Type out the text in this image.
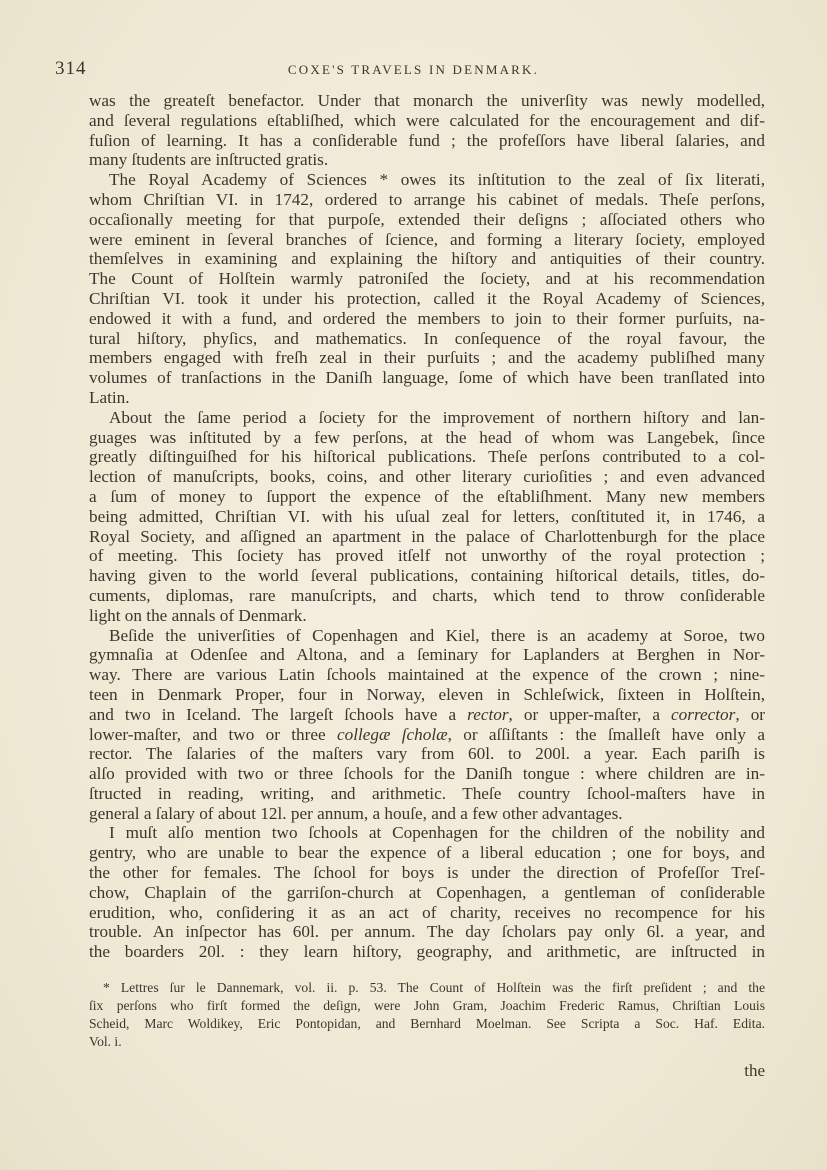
314	COXE'S TRAVELS IN DENMARK.
was the greateſt benefactor. Under that monarch the univerſity was newly modelled,
and ſeveral regulations eſtabliſhed, which were calculated for the encouragement and dif-
fuſion of learning. It has a conſiderable fund ; the profeſſors have liberal ſalaries, and
many ſtudents are inſtructed gratis.
The Royal Academy of Sciences * owes its inſtitution to the zeal of ſix literati,
whom Chriſtian VI. in 1742, ordered to arrange his cabinet of medals. Theſe perſons,
occaſionally meeting for that purpoſe, extended their deſigns ; aſſociated others who
were eminent in ſeveral branches of ſcience, and forming a literary ſociety, employed
themſelves in examining and explaining the hiſtory and antiquities of their country.
The Count of Holſtein warmly patroniſed the ſociety, and at his recommendation
Chriſtian VI. took it under his protection, called it the Royal Academy of Sciences,
endowed it with a fund, and ordered the members to join to their former purſuits, na-
tural hiſtory, phyſics, and mathematics. In conſequence of the royal favour, the
members engaged with freſh zeal in their purſuits ; and the academy publiſhed many
volumes of tranſactions in the Daniſh language, ſome of which have been tranſlated into
Latin.
About the ſame period a ſociety for the improvement of northern hiſtory and lan-
guages was inſtituted by a few perſons, at the head of whom was Langebek, ſince
greatly diſtinguiſhed for his hiſtorical publications. Theſe perſons contributed to a col-
lection of manuſcripts, books, coins, and other literary curioſities ; and even advanced
a ſum of money to ſupport the expence of the eſtabliſhment. Many new members
being admitted, Chriſtian VI. with his uſual zeal for letters, conſtituted it, in 1746, a
Royal Society, and aſſigned an apartment in the palace of Charlottenburgh for the place
of meeting. This ſociety has proved itſelf not unworthy of the royal protection ;
having given to the world ſeveral publications, containing hiſtorical details, titles, do-
cuments, diplomas, rare manuſcripts, and charts, which tend to throw conſiderable
light on the annals of Denmark.
Beſide the univerſities of Copenhagen and Kiel, there is an academy at Soroe, two
gymnaſia at Odenſee and Altona, and a ſeminary for Laplanders at Berghen in Nor-
way. There are various Latin ſchools maintained at the expence of the crown ; nine-
teen in Denmark Proper, four in Norway, eleven in Schleſwick, ſixteen in Holſtein,
and two in Iceland. The largeſt ſchools have a rector, or upper-maſter, a corrector, or
lower-maſter, and two or three collegæ ſcholæ, or aſſiſtants : the ſmalleſt have only a
rector. The ſalaries of the maſters vary from 60l. to 200l. a year. Each pariſh is
alſo provided with two or three ſchools for the Daniſh tongue : where children are in-
ſtructed in reading, writing, and arithmetic. Theſe country ſchool-maſters have in
general a ſalary of about 12l. per annum, a houſe, and a few other advantages.
I muſt alſo mention two ſchools at Copenhagen for the children of the nobility and
gentry, who are unable to bear the expence of a liberal education ; one for boys, and
the other for females. The ſchool for boys is under the direction of Profeſſor Treſ-
chow, Chaplain of the garriſon-church at Copenhagen, a gentleman of conſiderable
erudition, who, conſidering it as an act of charity, receives no recompence for his
trouble. An inſpector has 60l. per annum. The day ſcholars pay only 6l. a year, and
the boarders 20l. : they learn hiſtory, geography, and arithmetic, are inſtructed in
* Lettres ſur le Dannemark, vol. ii. p. 53. The Count of Holſtein was the firſt preſident ; and the
ſix perſons who firſt formed the deſign, were John Gram, Joachim Frederic Ramus, Chriſtian Louis
Scheid, Marc Woldikey, Eric Pontopidan, and Bernhard Moelman. See Scripta a Soc. Haf. Edita.
Vol. i.
the
